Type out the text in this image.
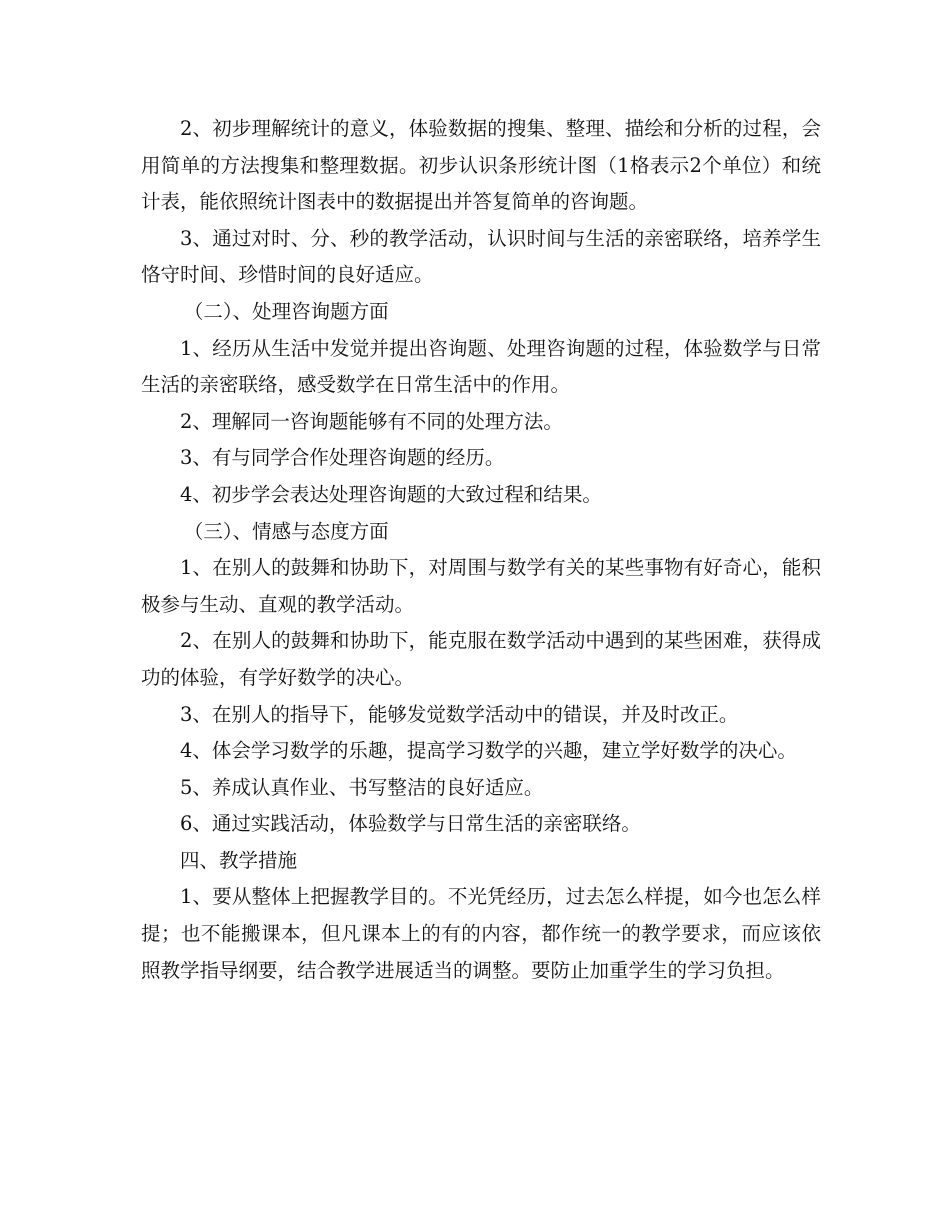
2、初步理解统计的意义，体验数据的搜集、整理、描绘和分析的过程，会用简单的方法搜集和整理数据。初步认识条形统计图（1格表示2个单位）和统计表，能依照统计图表中的数据提出并答复简单的咨询题。

3、通过对时、分、秒的教学活动，认识时间与生活的亲密联络，培养学生恪守时间、珍惜时间的良好适应。

（二）、处理咨询题方面

1、经历从生活中发觉并提出咨询题、处理咨询题的过程，体验数学与日常生活的亲密联络，感受数学在日常生活中的作用。

2、理解同一咨询题能够有不同的处理方法。

3、有与同学合作处理咨询题的经历。

4、初步学会表达处理咨询题的大致过程和结果。

（三）、情感与态度方面

1、在别人的鼓舞和协助下，对周围与数学有关的某些事物有好奇心，能积极参与生动、直观的教学活动。

2、在别人的鼓舞和协助下，能克服在数学活动中遇到的某些困难，获得成功的体验，有学好数学的决心。

3、在别人的指导下，能够发觉数学活动中的错误，并及时改正。

4、体会学习数学的乐趣，提高学习数学的兴趣，建立学好数学的决心。

5、养成认真作业、书写整洁的良好适应。

6、通过实践活动，体验数学与日常生活的亲密联络。

四、教学措施

1、要从整体上把握教学目的。不光凭经历，过去怎么样提，如今也怎么样提；也不能搬课本，但凡课本上的有的内容，都作统一的教学要求，而应该依照教学指导纲要，结合教学进展适当的调整。要防止加重学生的学习负担。
